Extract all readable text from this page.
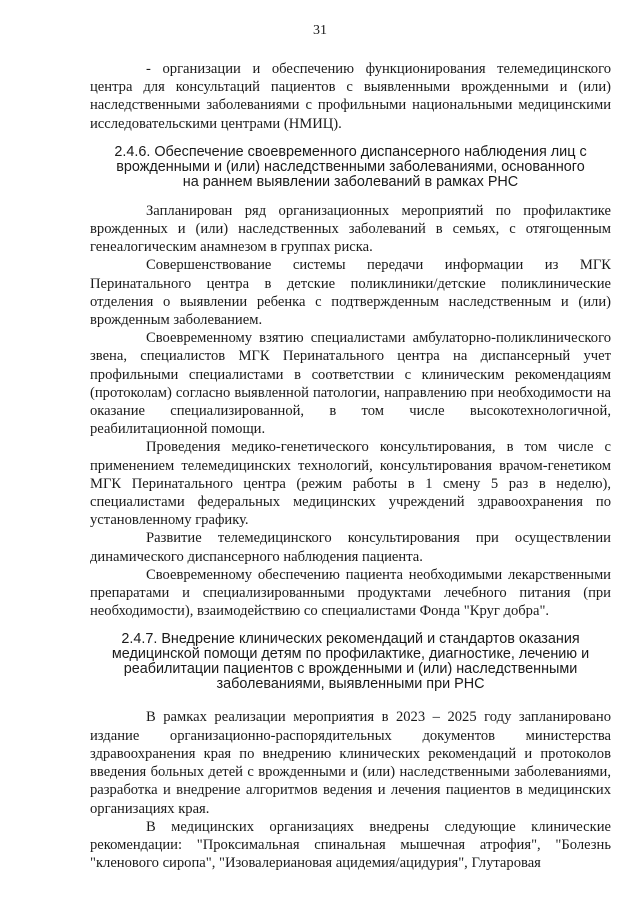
31

- организации и обеспечению функционирования телемедицинского центра для консультаций пациентов с выявленными врожденными и (или) наследственными заболеваниями с профильными национальными медицинскими исследовательскими центрами (НМИЦ).

2.4.6. Обеспечение своевременного диспансерного наблюдения лиц с врожденными и (или) наследственными заболеваниями, основанного на раннем выявлении заболеваний в рамках РНС

Запланирован ряд организационных мероприятий по профилактике врожденных и (или) наследственных заболеваний в семьях, с отягощенным генеалогическим анамнезом в группах риска.

Совершенствование системы передачи информации из МГК Перинатального центра в детские поликлиники/детские поликлинические отделения о выявлении ребенка с подтвержденным наследственным и (или) врожденным заболеванием.

Своевременному взятию специалистами амбулаторно-поликлинического звена, специалистов МГК Перинатального центра на диспансерный учет профильными специалистами в соответствии с клиническим рекомендациям (протоколам) согласно выявленной патологии, направлению при необходимости на оказание специализированной, в том числе высокотехнологичной, реабилитационной помощи.

Проведения медико-генетического консультирования, в том числе с применением телемедицинских технологий, консультирования врачом-генетиком МГК Перинатального центра (режим работы в 1 смену 5 раз в неделю), специалистами федеральных медицинских учреждений здравоохранения по установленному графику.

Развитие телемедицинского консультирования при осуществлении динамического диспансерного наблюдения пациента.

Своевременному обеспечению пациента необходимыми лекарственными препаратами и специализированными продуктами лечебного питания (при необходимости), взаимодействию со специалистами Фонда "Круг добра".

2.4.7. Внедрение клинических рекомендаций и стандартов оказания медицинской помощи детям по профилактике, диагностике, лечению и реабилитации пациентов с врожденными и (или) наследственными заболеваниями, выявленными при РНС

В рамках реализации мероприятия в 2023 – 2025 году запланировано издание организационно-распорядительных документов министерства здравоохранения края по внедрению клинических рекомендаций и протоколов введения больных детей с врожденными и (или) наследственными заболеваниями, разработка и внедрение алгоритмов ведения и лечения пациентов в медицинских организациях края.

В медицинских организациях внедрены следующие клинические рекомендации: "Проксимальная спинальная мышечная атрофия", "Болезнь "кленового сиропа", "Изовалериановая ацидемия/ацидурия", Глутаровая
